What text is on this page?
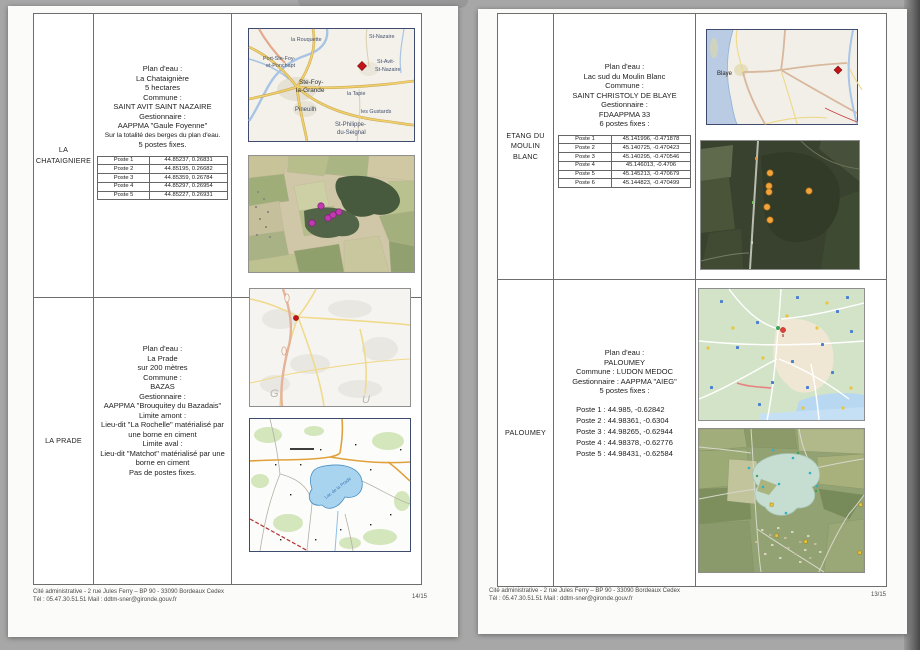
LA CHATAIGNIERE

Plan d'eau :

La Chataignière

5 hectares

Commune :

SAINT AVIT SAINT NAZAIRE

Gestionnaire :

AAPPMA "Gaule Foyenne"

Sur la totalité des berges du plan d'eau.

5 postes fixes.

Poste 1	44.85237, 0.26831
Poste 2	44.85195, 0.26682
Poste 3	44.85359, 0.26784
Poste 4	44.85297, 0.26954
Poste 5	44.85227, 0.26931
St-Nazaire
la Rouquette
Port-Ste-Foy-
et-Ponchapt
St-Avit-
St-Nazaire
Ste-Foy-
la-Grande	la Tapie
Pineuilh	les Gustards
St-Philippe-
du-Seignal
G	U
Lac de la Prade
LA PRADE

Plan d'eau :

La Prade

sur 200 mètres

Commune :

BAZAS

Gestionnaire :

AAPPMA "Brouquitey du Bazadais"

Limite amont :

Lieu-dit "La Rochelle" matérialisé par une borne en ciment

Limite aval :

Lieu-dit "Matchot" matérialisé par une borne en ciment

Pas de postes fixes.

Cité administrative - 2 rue Jules Ferry – BP 90 - 33090 Bordeaux Cedex

Tél : 05.47.30.51.51 Mail : ddtm-sner@gironde.gouv.fr	14/15
ETANG DU MOULIN BLANC

Plan d'eau :

Lac sud du Moulin Blanc

Commune :

SAINT CHRISTOLY DE BLAYE

Gestionnaire :

FDAAPPMA 33

6 postes fixes :

Poste 1	45.141996, -0.471878
Poste 2	45.140725, -0.470423
Poste 3	45.140295, -0.470546
Poste 4	45.146013, -0.4706
Poste 5	45.145213, -0.470679
Poste 6	45.144823, -0.470499
Blaye
PALOUMEY

Plan d'eau :

PALOUMEY

Commune : LUDON MEDOC

Gestionnaire : AAPPMA "AIEG"

5 postes fixes :

Poste 1 : 44.985, -0.62842

Poste 2 : 44.98361, -0.6304

Poste 3 : 44.98265, -0.62944

Poste 4 : 44.98378, -0.62776

Poste 5 : 44.98431, -0.62584

Cité administrative - 2 rue Jules Ferry – BP 90 - 33090 Bordeaux Cedex

Tél : 05.47.30.51.51 Mail : ddtm-sner@gironde.gouv.fr

13/15
